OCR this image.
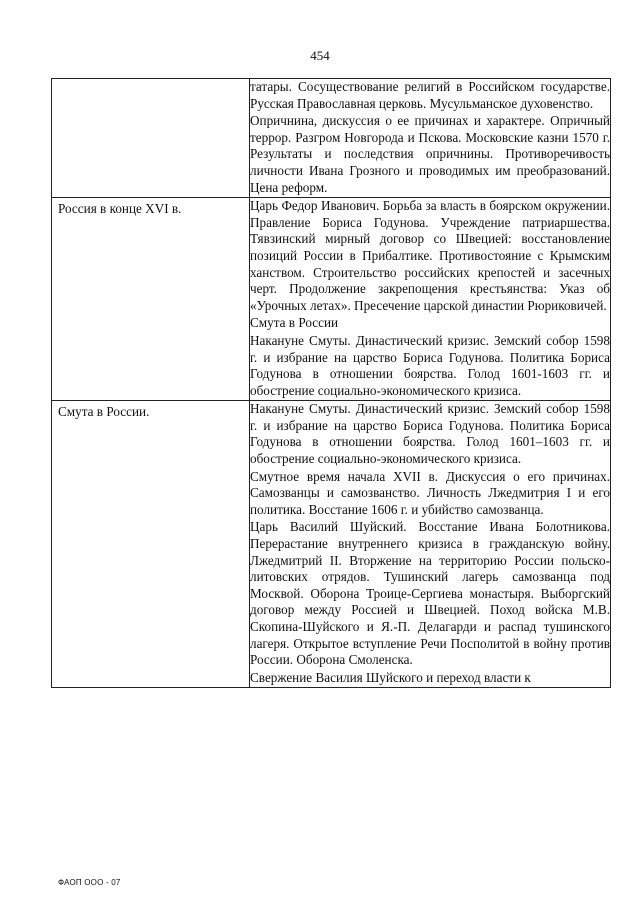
454

	татары. Сосуществование религий в Российском государстве. Русская Православная церковь. Мусульманское духовенство.

Опричнина, дискуссия о ее причинах и характере. Опричный террор. Разгром Новгорода и Пскова. Московские казни 1570 г. Результаты и последствия опричнины. Противоречивость личности Ивана Грозного и проводимых им преобразований. Цена реформ.

Россия в конце XVI в.	Царь Федор Иванович. Борьба за власть в боярском окружении. Правление Бориса Годунова. Учреждение патриаршества. Тявзинский мирный договор со Швецией: восстановление позиций России в Прибалтике. Противостояние с Крымским ханством. Строительство российских крепостей и засечных черт. Продолжение закрепощения крестьянства: Указ об «Урочных летах». Пресечение царской династии Рюриковичей.

Смута в России

Накануне Смуты. Династический кризис. Земский собор 1598 г. и избрание на царство Бориса Годунова. Политика Бориса Годунова в отношении боярства. Голод 1601-1603 гг. и обострение социально-экономического кризиса.

Смута в России.	Накануне Смуты. Династический кризис. Земский собор 1598 г. и избрание на царство Бориса Годунова. Политика Бориса Годунова в отношении боярства. Голод 1601–1603 гг. и обострение социально-экономического кризиса.

Смутное время начала XVII в. Дискуссия о его причинах. Самозванцы и самозванство. Личность Лжедмитрия I и его политика. Восстание 1606 г. и убийство самозванца.

Царь Василий Шуйский. Восстание Ивана Болотникова. Перерастание внутреннего кризиса в гражданскую войну. Лжедмитрий II. Вторжение на территорию России польско-литовских отрядов. Тушинский лагерь самозванца под Москвой. Оборона Троице-Сергиева монастыря. Выборгский договор между Россией и Швецией. Поход войска М.В. Скопина-Шуйского и Я.-П. Делагарди и распад тушинского лагеря. Открытое вступление Речи Посполитой в войну против России. Оборона Смоленска.

Свержение Василия Шуйского и переход власти к

ФАОП ООО - 07
